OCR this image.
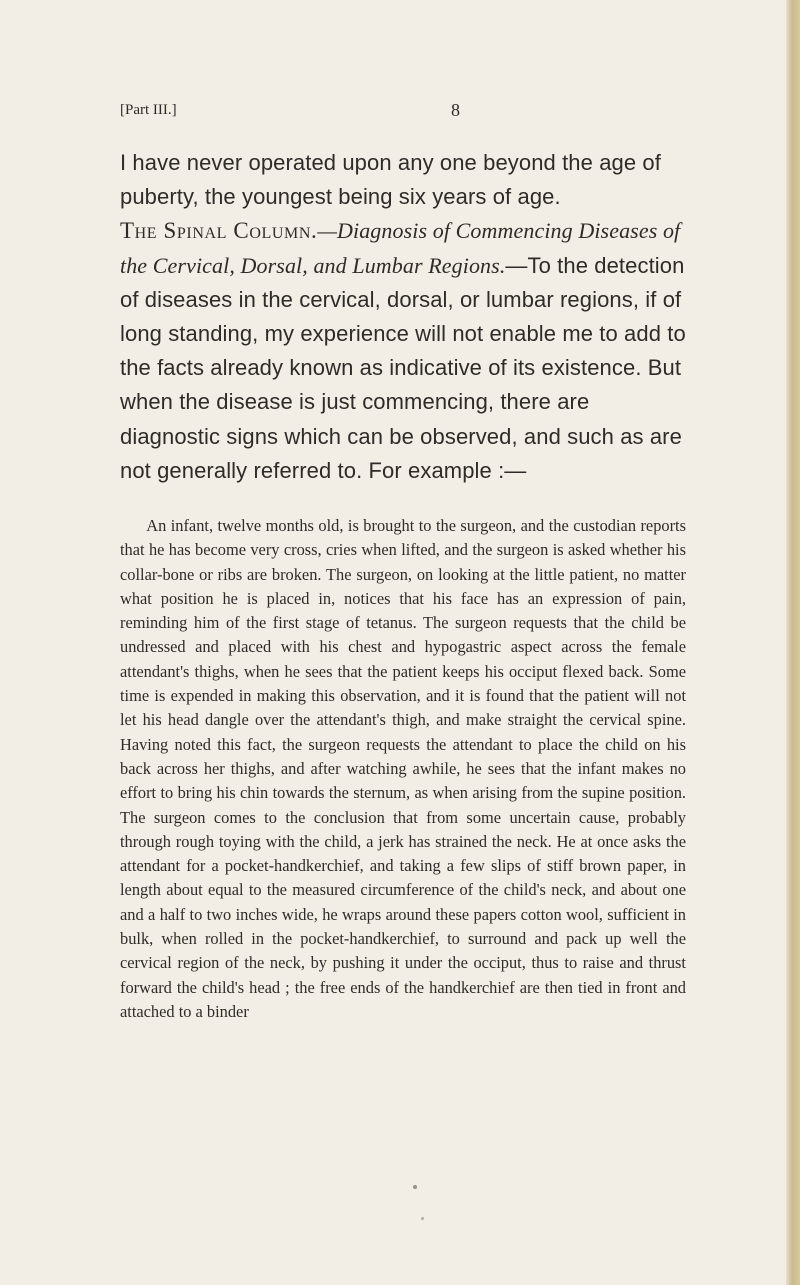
[Part III.]	8

I have never operated upon any one beyond the age of puberty, the youngest being six years of age.

The Spinal Column.—Diagnosis of Commencing Diseases of the Cervical, Dorsal, and Lumbar Regions.—To the detection of diseases in the cervical, dorsal, or lumbar regions, if of long standing, my experience will not enable me to add to the facts already known as indicative of its existence. But when the disease is just commencing, there are diagnostic signs which can be observed, and such as are not generally referred to. For example :—

An infant, twelve months old, is brought to the surgeon, and the custodian reports that he has become very cross, cries when lifted, and the surgeon is asked whether his collar-bone or ribs are broken. The surgeon, on looking at the little patient, no matter what position he is placed in, notices that his face has an expression of pain, reminding him of the first stage of tetanus. The surgeon requests that the child be undressed and placed with his chest and hypogastric aspect across the female attendant's thighs, when he sees that the patient keeps his occiput flexed back. Some time is expended in making this observation, and it is found that the patient will not let his head dangle over the attendant's thigh, and make straight the cervical spine. Having noted this fact, the surgeon requests the attendant to place the child on his back across her thighs, and after watching awhile, he sees that the infant makes no effort to bring his chin towards the sternum, as when arising from the supine position. The surgeon comes to the conclusion that from some uncertain cause, probably through rough toying with the child, a jerk has strained the neck. He at once asks the attendant for a pocket-handkerchief, and taking a few slips of stiff brown paper, in length about equal to the measured circumference of the child's neck, and about one and a half to two inches wide, he wraps around these papers cotton wool, sufficient in bulk, when rolled in the pocket-handkerchief, to surround and pack up well the cervical region of the neck, by pushing it under the occiput, thus to raise and thrust forward the child's head ; the free ends of the handkerchief are then tied in front and attached to a binder
